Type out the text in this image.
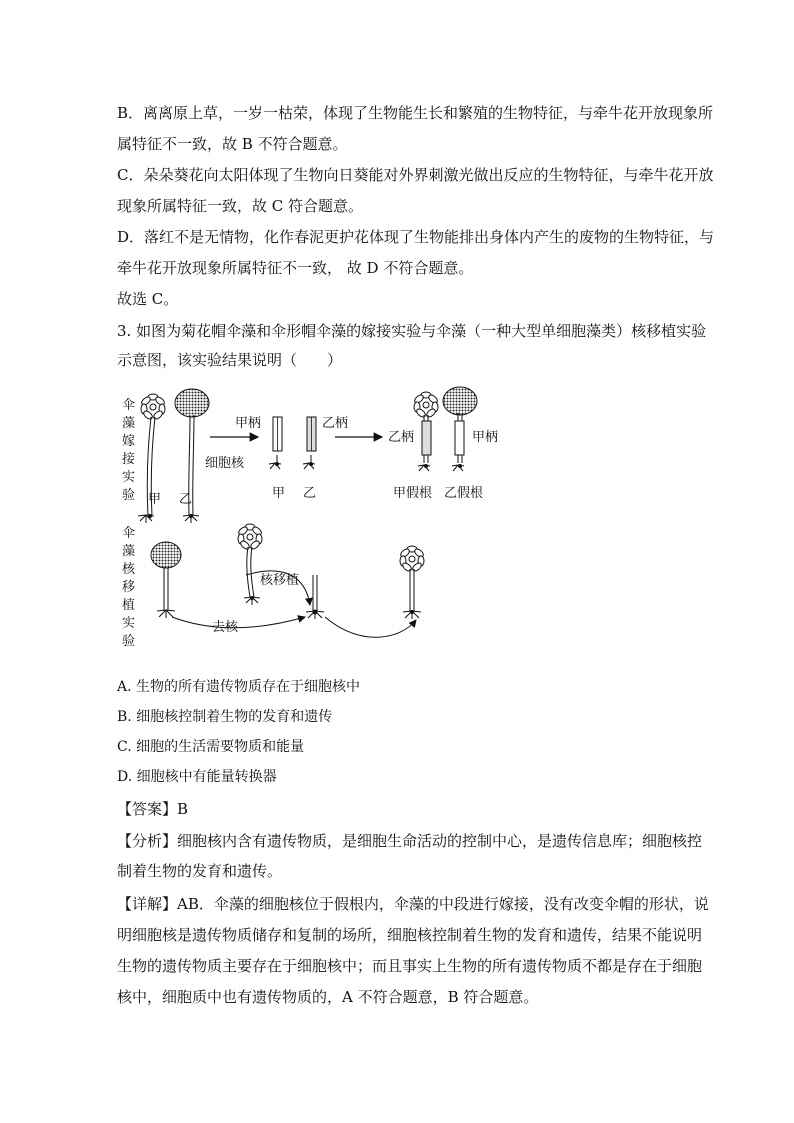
B．离离原上草，一岁一枯荣，体现了生物能生长和繁殖的生物特征，与牵牛花开放现象所
属特征不一致，故 B 不符合题意。
C．朵朵葵花向太阳体现了生物向日葵能对外界刺激光做出反应的生物特征，与牵牛花开放
现象所属特征一致，故 C 符合题意。
D．落红不是无情物，化作春泥更护花体现了生物能排出身体内产生的废物的生物特征，与
牵牛花开放现象所属特征不一致， 故 D 不符合题意。
故选 C。
3. 如图为菊花帽伞藻和伞形帽伞藻的嫁接实验与伞藻（一种大型单细胞藻类）核移植实验
示意图，该实验结果说明（　　）
伞
藻
嫁
接
实
验 甲 乙
细胞核
甲柄	乙柄
甲 乙
乙柄	甲柄
甲假根 乙假根
伞
藻
核
移
植
实
验
核移植
去核
A. 生物的所有遗传物质存在于细胞核中
B. 细胞核控制着生物的发育和遗传
C. 细胞的生活需要物质和能量
D. 细胞核中有能量转换器
【答案】B
【分析】细胞核内含有遗传物质，是细胞生命活动的控制中心，是遗传信息库；细胞核控
制着生物的发育和遗传。
【详解】AB．伞藻的细胞核位于假根内，伞藻的中段进行嫁接，没有改变伞帽的形状，说
明细胞核是遗传物质储存和复制的场所，细胞核控制着生物的发育和遗传，结果不能说明
生物的遗传物质主要存在于细胞核中；而且事实上生物的所有遗传物质不都是存在于细胞
核中，细胞质中也有遗传物质的，A 不符合题意，B 符合题意。
